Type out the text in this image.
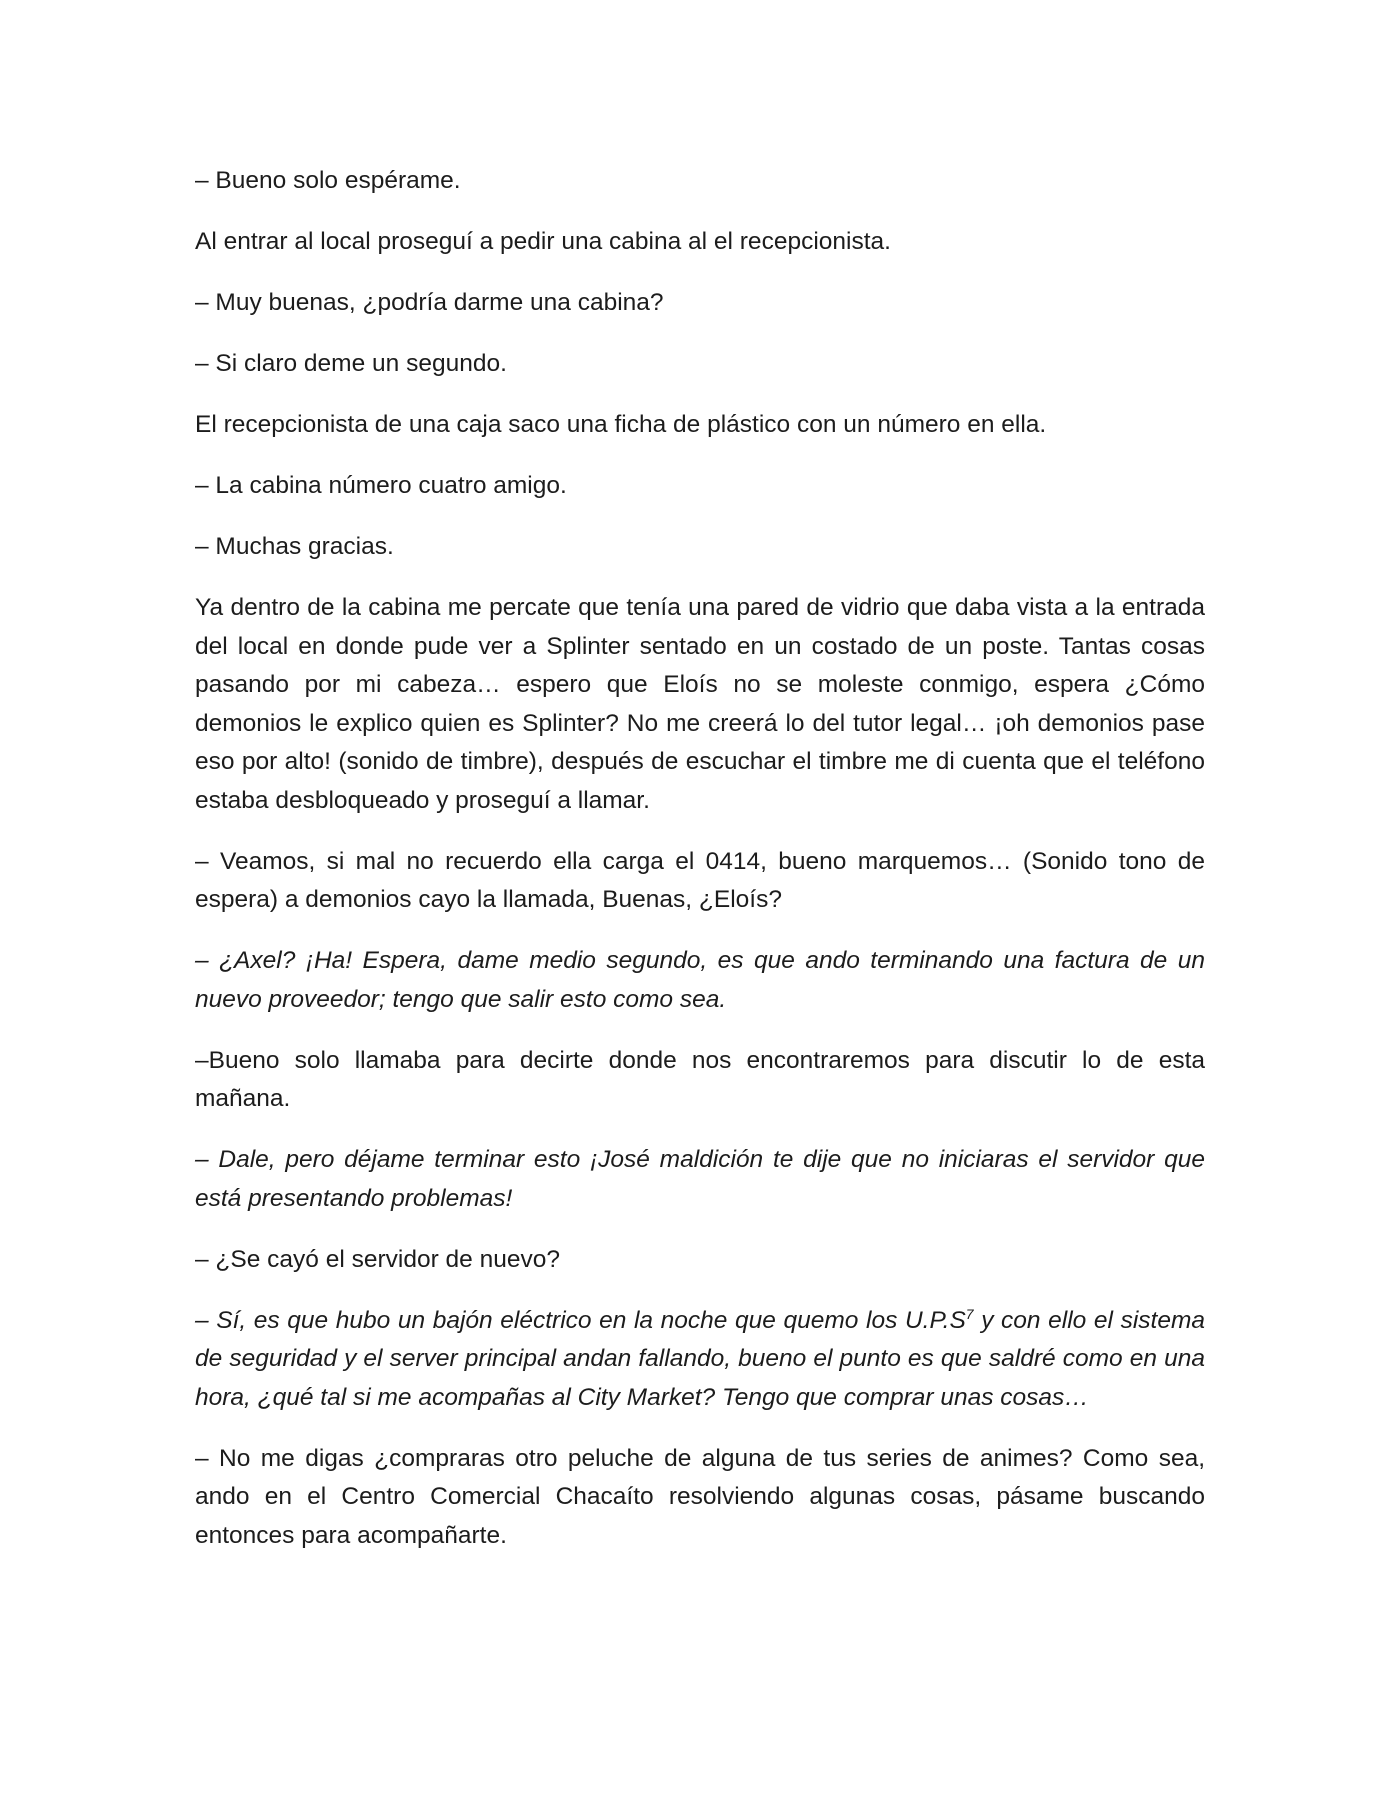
– Bueno solo espérame.

Al entrar al local proseguí a pedir una cabina al el recepcionista.

– Muy buenas, ¿podría darme una cabina?

– Si claro deme un segundo.

El recepcionista de una caja saco una ficha de plástico con un número en ella.

– La cabina número cuatro amigo.

– Muchas gracias.

Ya dentro de la cabina me percate que tenía una pared de vidrio que daba vista a la entrada del local en donde pude ver a Splinter sentado en un costado de un poste. Tantas cosas pasando por mi cabeza… espero que Eloís no se moleste conmigo, espera ¿Cómo demonios le explico quien es Splinter? No me creerá lo del tutor legal… ¡oh demonios pase eso por alto! (sonido de timbre), después de escuchar el timbre me di cuenta que el teléfono estaba desbloqueado y proseguí a llamar.

– Veamos, si mal no recuerdo ella carga el 0414, bueno marquemos… (Sonido tono de espera) a demonios cayo la llamada, Buenas, ¿Eloís?

– ¿Axel? ¡Ha! Espera, dame medio segundo, es que ando terminando una factura de un nuevo proveedor; tengo que salir esto como sea.

–Bueno solo llamaba para decirte donde nos encontraremos para discutir lo de esta mañana.

– Dale, pero déjame terminar esto ¡José maldición te dije que no iniciaras el servidor que está presentando problemas!

– ¿Se cayó el servidor de nuevo?

– Sí, es que hubo un bajón eléctrico en la noche que quemo los $U.P.S^7$ y con ello el sistema de seguridad y el server principal andan fallando, bueno el punto es que saldré como en una hora, ¿qué tal si me acompañas al City Market? Tengo que comprar unas cosas…

– No me digas ¿compraras otro peluche de alguna de tus series de animes? Como sea, ando en el Centro Comercial Chacaíto resolviendo algunas cosas, pásame buscando entonces para acompañarte.
